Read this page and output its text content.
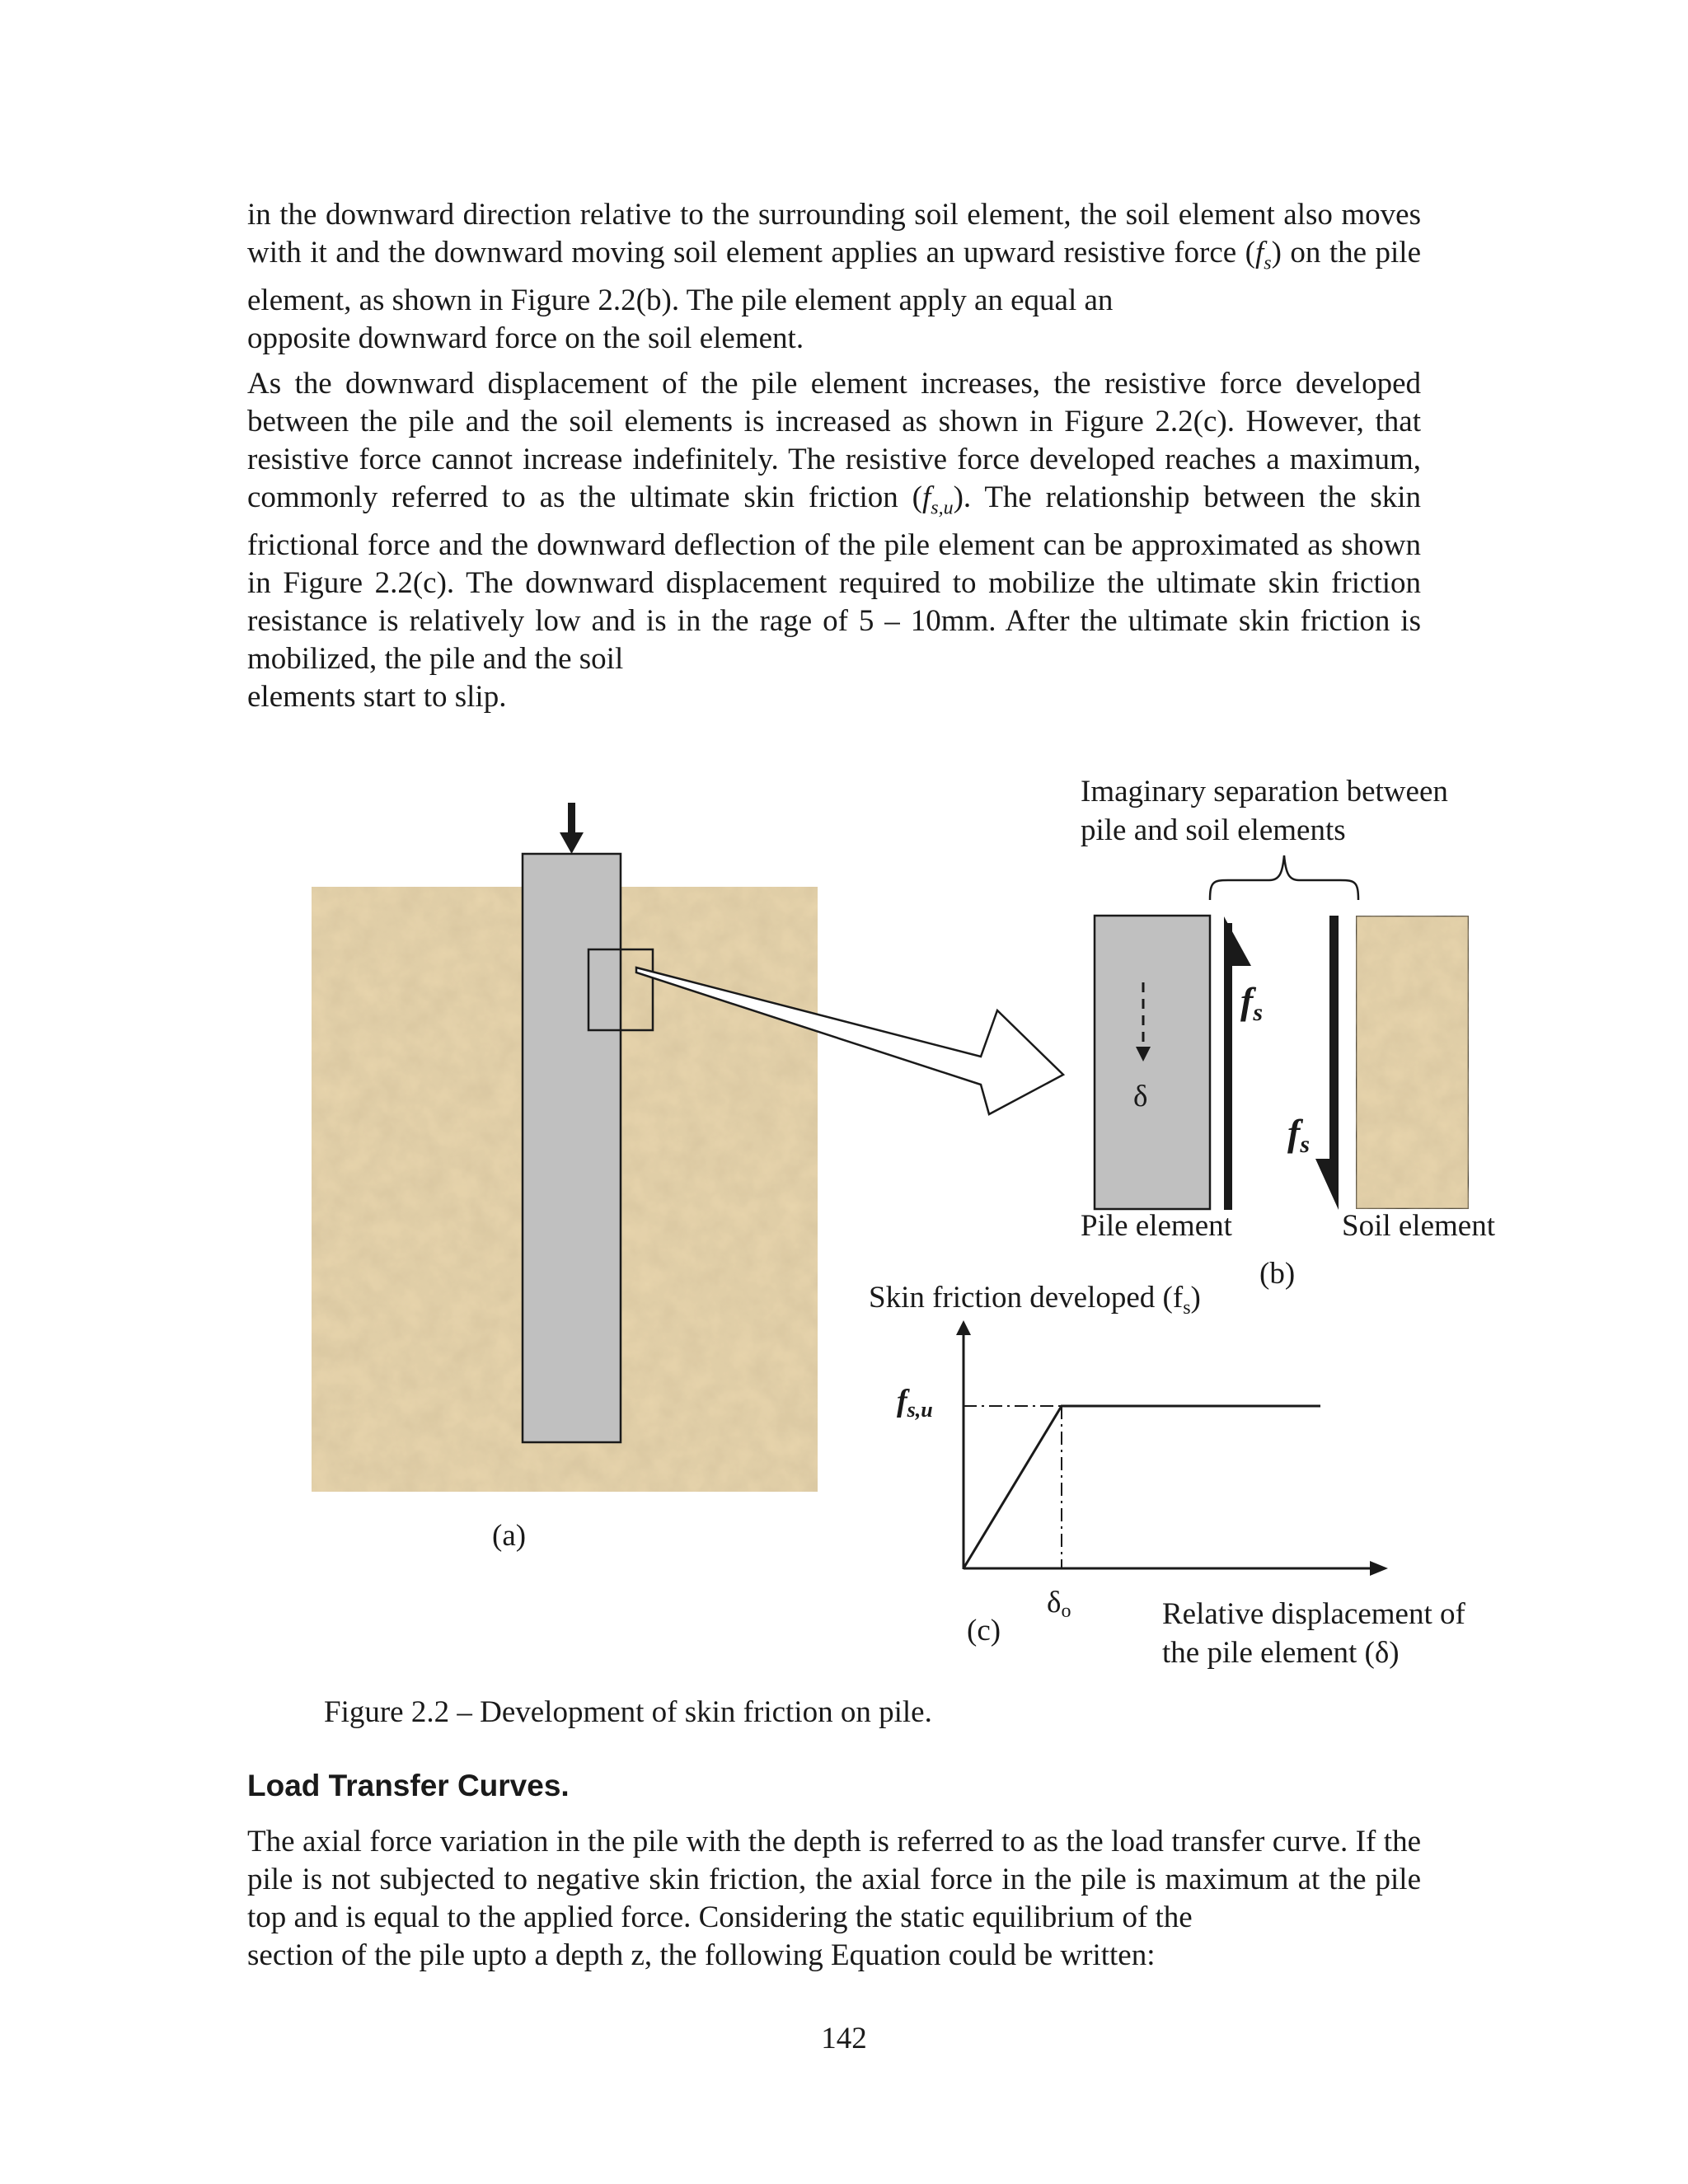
in the downward direction relative to the surrounding soil element, the soil element also moves with it and the downward moving soil element applies an upward resistive force $(f_s)$ on the pile element, as shown in Figure 2.2(b). The pile element apply an equal an
opposite downward force on the soil element.

As the downward displacement of the pile element increases, the resistive force developed between the pile and the soil elements is increased as shown in Figure 2.2(c). However, that resistive force cannot increase indefinitely. The resistive force developed reaches a maximum, commonly referred to as the ultimate skin friction $(f_{s,u})$. The relationship between the skin frictional force and the downward deflection of the pile element can be approximated as shown in Figure 2.2(c). The downward displacement required to mobilize the ultimate skin friction resistance is relatively low and is in the rage of 5 – 10mm. After the ultimate skin friction is mobilized, the pile and the soil
elements start to slip.

(a)
Imaginary separation between
pile and soil elements
δ
fs
fs
Pile element	Soil element
(b)
Skin friction developed $(f_s)$
fs,u
δo	Relative displacement of
the pile element (δ)
(c)

Figure 2.2 – Development of skin friction on pile.

Load Transfer Curves.

The axial force variation in the pile with the depth is referred to as the load transfer curve. If the pile is not subjected to negative skin friction, the axial force in the pile is maximum at the pile top and is equal to the applied force. Considering the static equilibrium of the
section of the pile upto a depth z, the following Equation could be written:

142
